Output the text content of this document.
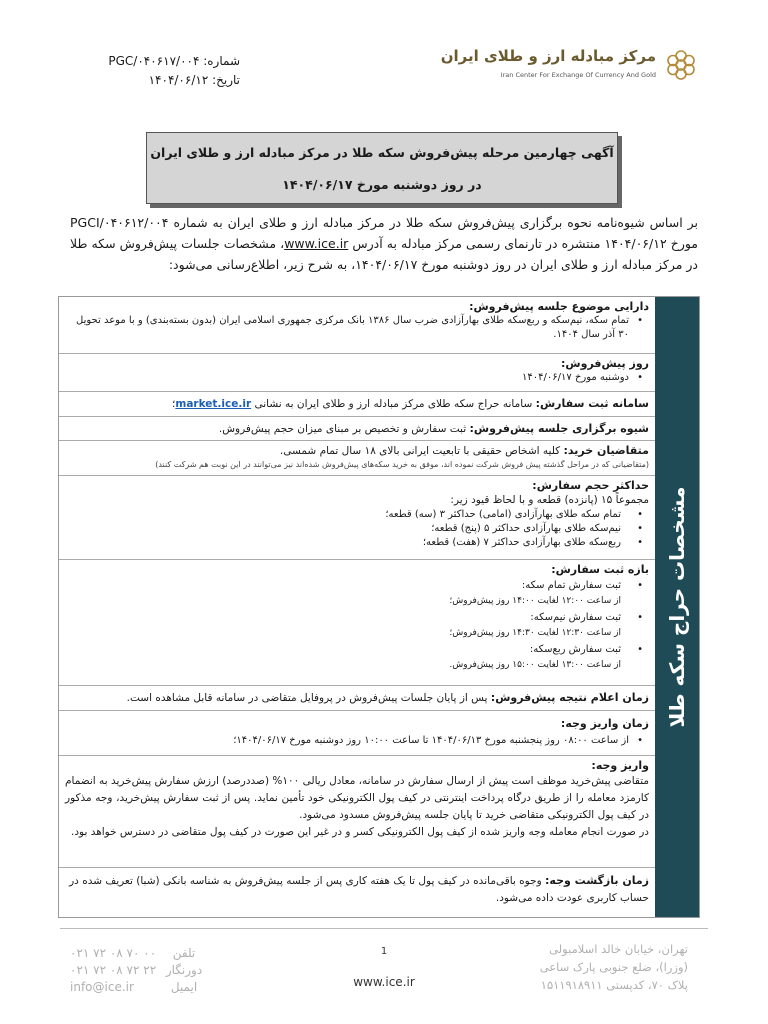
شماره: PGC/۰۴۰۶۱۷/۰۰۴
تاریخ: ۱۴۰۴/۰۶/۱۲
مرکز مبادله ارز و طلای ایران
Iran Center For Exchange Of Currency And Gold
آگهی چهارمین مرحله پیش‌فروش سکه طلا در مرکز مبادله ارز و طلای ایران
در روز دوشنبه مورخ ۱۴۰۴/۰۶/۱۷
بر اساس شیوه‌نامه نحوه برگزاری پیش‌فروش سکه طلا در مرکز مبادله ارز و طلای ایران به شماره PGCI/۰۴۰۶۱۲/۰۰۴ مورخ ۱۴۰۴/۰۶/۱۲ منتشره در تارنمای رسمی مرکز مبادله به آدرس www.ice.ir، مشخصات جلسات پیش‌فروش سکه طلا در مرکز مبادله ارز و طلای ایران در روز دوشنبه مورخ ۱۴۰۴/۰۶/۱۷، به شرح زیر، اطلاع‌رسانی می‌شود:
مشخصات حراج سکه طلا
دارایی موضوع جلسه پیش‌فروش:
• تمام سکه، نیم‌سکه و ربع‌سکه طلای بهارآزادی ضرب سال ۱۳۸۶ بانک مرکزی جمهوری اسلامی ایران (بدون بسته‌بندی) و با موعد تحویل ۳۰ آذر سال ۱۴۰۴.
روز پیش‌فروش:
• دوشنبه مورخ ۱۴۰۴/۰۶/۱۷
سامانه ثبت سفارش: سامانه حراج سکه طلای مرکز مبادله ارز و طلای ایران به نشانی market.ice.ir؛
شیوه برگزاری جلسه پیش‌فروش: ثبت سفارش و تخصیص بر مبنای میزان حجم پیش‌فروش.
متقاضیان خرید: کلیه اشخاص حقیقی با تابعیت ایرانی بالای ۱۸ سال تمام شمسی.
(متقاضیانی که در مراحل گذشته پیش فروش شرکت نموده اند، موفق به خرید سکه‌های پیش‌فروش شده‌اند نیز می‌توانند در این نوبت هم شرکت کنند)
حداکثر حجم سفارش:
مجموعاً ۱۵ (پانزده) قطعه و با لحاظ قیود زیر:
• تمام سکه طلای بهارآزادی (امامی) حداکثر ۳ (سه) قطعه؛
• نیم‌سکه طلای بهارآزادی حداکثر ۵ (پنج) قطعه؛
• ربع‌سکه طلای بهارآزادی حداکثر ۷ (هفت) قطعه؛
بازه ثبت سفارش:
• ثبت سفارش تمام سکه:
از ساعت ۱۲:۰۰ لغایت ۱۴:۰۰ روز پیش‌فروش؛
• ثبت سفارش نیم‌سکه:
از ساعت ۱۲:۳۰ لغایت ۱۴:۳۰ روز پیش‌فروش؛
• ثبت سفارش ربع‌سکه:
از ساعت ۱۳:۰۰ لغایت ۱۵:۰۰ روز پیش‌فروش.
زمان اعلام نتیجه پیش‌فروش: پس از پایان جلسات پیش‌فروش در پروفایل متقاضی در سامانه قابل مشاهده است.
زمان واریز وجه:
• از ساعت ۰۸:۰۰ روز پنجشنبه مورخ ۱۴۰۴/۰۶/۱۳ تا ساعت ۱۰:۰۰ روز دوشنبه مورخ ۱۴۰۴/۰۶/۱۷؛
واریز وجه:
متقاضی پیش‌خرید موظف است پیش از ارسال سفارش در سامانه، معادل ریالی ۱۰۰% (صددرصد) ارزش سفارش پیش‌خرید به انضمام کارمزد معامله را از طریق درگاه پرداخت اینترنتی در کیف پول الکترونیکی خود تأمین نماید. پس از ثبت سفارش پیش‌خرید، وجه مذکور در کیف پول الکترونیکی متقاضی خرید تا پایان جلسه پیش‌فروش مسدود می‌شود.
در صورت انجام معامله وجه واریز شده از کیف پول الکترونیکی کسر و در غیر این صورت در کیف پول متقاضی در دسترس خواهد بود.
زمان بازگشت وجه: وجوه باقی‌مانده در کیف پول تا یک هفته کاری پس از جلسه پیش‌فروش به شناسه بانکی (شبا) تعریف شده در حساب کاربری عودت داده می‌شود.
۰۲۱ ۷۲ ۰۸ ۷۰ ۰۰ تلفن
۰۲۱ ۷۲ ۰۸ ۷۲ ۲۲ دورنگار
info@ice.ir	ایمیل
1
www.ice.ir
تهران، خیابان خالد اسلامبولی
(وزرا)، ضلع جنوبی پارک ساعی
پلاک ۷۰، کدپستی ۱۵۱۱۹۱۸۹۱۱
